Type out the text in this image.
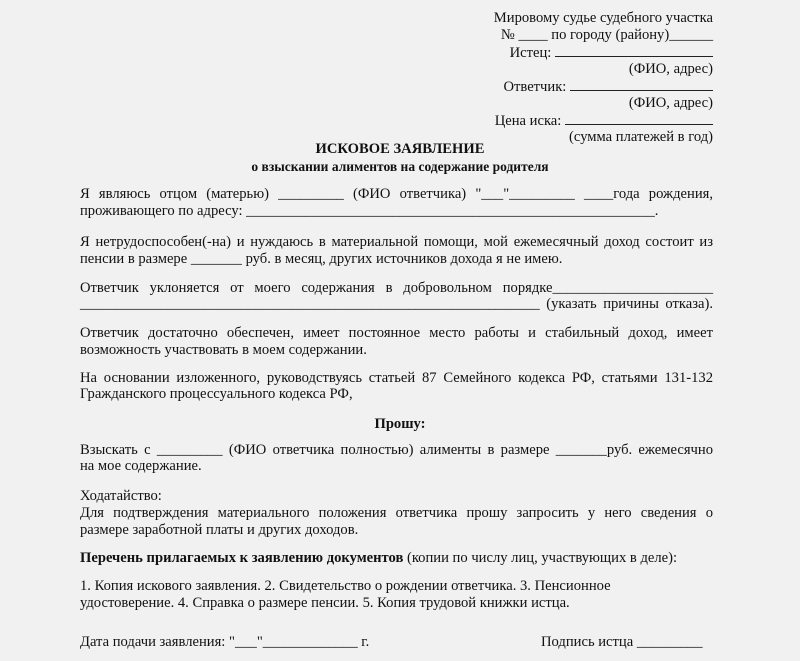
Мировому судье судебного участка
№ ____ по городу (району)______
Истец:
(ФИО, адрес)
Ответчик:
(ФИО, адрес)
Цена иска:
(сумма платежей в год)
ИСКОВОЕ ЗАЯВЛЕНИЕ
о взыскании алиментов на содержание родителя
Я являюсь отцом (матерью) _________ (ФИО ответчика) "___"_________ ____года рождения,
проживающего по адресу: ________________________________________________________.
Я нетрудоспособен(-на) и нуждаюсь в материальной помощи, мой ежемесячный доход состоит из
пенсии в размере _______ руб. в месяц, других источников дохода я не имею.
Ответчик уклоняется от моего содержания в добровольном порядке______________________
_______________________________________________________________ (указать причины отказа).
Ответчик достаточно обеспечен, имеет постоянное место работы и стабильный доход, имеет
возможность участвовать в моем содержании.
На основании изложенного, руководствуясь статьей 87 Семейного кодекса РФ, статьями 131-132
Гражданского процессуального кодекса РФ,
Прошу:
Взыскать с _________ (ФИО ответчика полностью) алименты в размере _______руб. ежемесячно
на мое содержание.
Ходатайство:
Для подтверждения материального положения ответчика прошу запросить у него сведения о
размере заработной платы и других доходов.
Перечень прилагаемых к заявлению документов (копии по числу лиц, участвующих в деле):
1. Копия искового заявления. 2. Свидетельство о рождении ответчика. 3. Пенсионное
удостоверение. 4. Справка о размере пенсии. 5. Копия трудовой книжки истца.
Дата подачи заявления: "___"_____________ г.	Подпись истца _________
